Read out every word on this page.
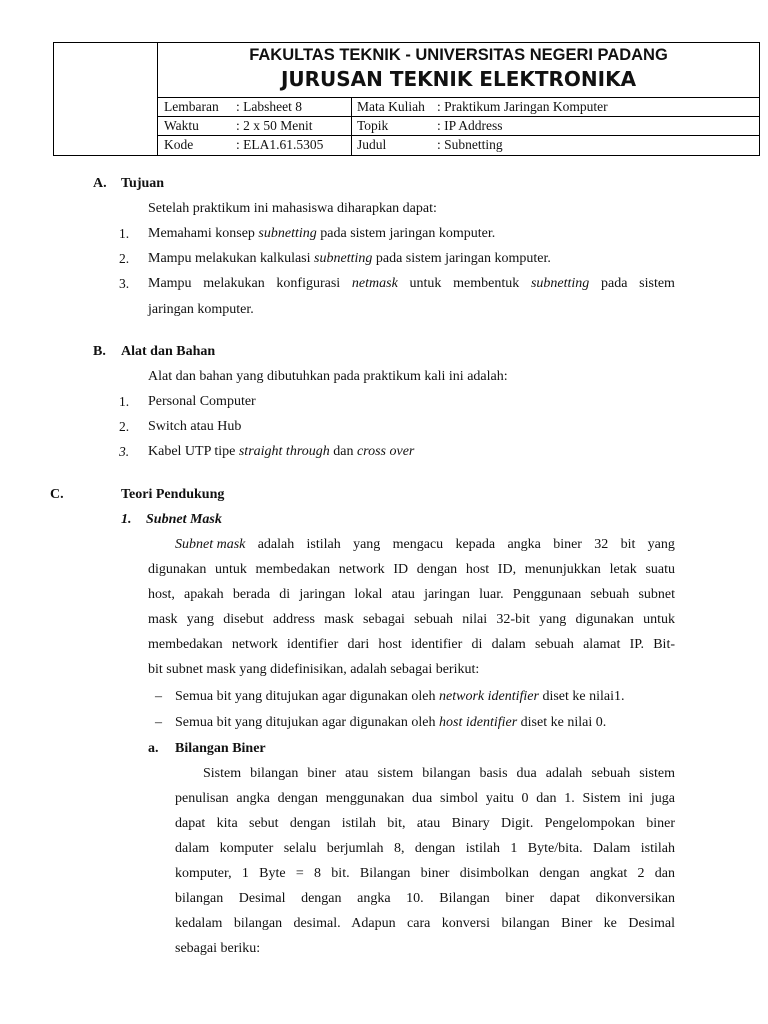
FAKULTAS TEKNIK - UNIVERSITAS NEGERI PADANG
JURUSAN TEKNIK ELEKTRONIKA
Lembaran : Labsheet 8	Mata Kuliah : Praktikum Jaringan Komputer
Waktu	: 2 x 50 Menit	Topik	: IP Address
Kode	: ELA1.61.5305 Judul	: Subnetting
A. Tujuan
Setelah praktikum ini mahasiswa diharapkan dapat:
1. Memahami konsep subnetting pada sistem jaringan komputer.
2. Mampu melakukan kalkulasi subnetting pada sistem jaringan komputer.
3. Mampu melakukan konfigurasi netmask untuk membentuk subnetting pada sistem
jaringan komputer.
B. Alat dan Bahan
Alat dan bahan yang dibutuhkan pada praktikum kali ini adalah:
1. Personal Computer
2. Switch atau Hub
3. Kabel UTP tipe straight through dan cross over
C.	Teori Pendukung
1. Subnet Mask
Subnet mask adalah istilah yang mengacu kepada angka biner 32 bit yang
digunakan untuk membedakan network ID dengan host ID, menunjukkan letak suatu
host, apakah berada di jaringan lokal atau jaringan luar. Penggunaan sebuah subnet
mask yang disebut address mask sebagai sebuah nilai 32-bit yang digunakan untuk
membedakan network identifier dari host identifier di dalam sebuah alamat IP. Bit-
bit subnet mask yang didefinisikan, adalah sebagai berikut:
– Semua bit yang ditujukan agar digunakan oleh network identifier diset ke nilai1.
– Semua bit yang ditujukan agar digunakan oleh host identifier diset ke nilai 0.
a. Bilangan Biner
Sistem bilangan biner atau sistem bilangan basis dua adalah sebuah sistem
penulisan angka dengan menggunakan dua simbol yaitu 0 dan 1. Sistem ini juga
dapat kita sebut dengan istilah bit, atau Binary Digit. Pengelompokan biner
dalam komputer selalu berjumlah 8, dengan istilah 1 Byte/bita. Dalam istilah
komputer, 1 Byte = 8 bit. Bilangan biner disimbolkan dengan angkat 2 dan
bilangan Desimal dengan angka 10. Bilangan biner dapat dikonversikan
kedalam bilangan desimal. Adapun cara konversi bilangan Biner ke Desimal
sebagai beriku:
